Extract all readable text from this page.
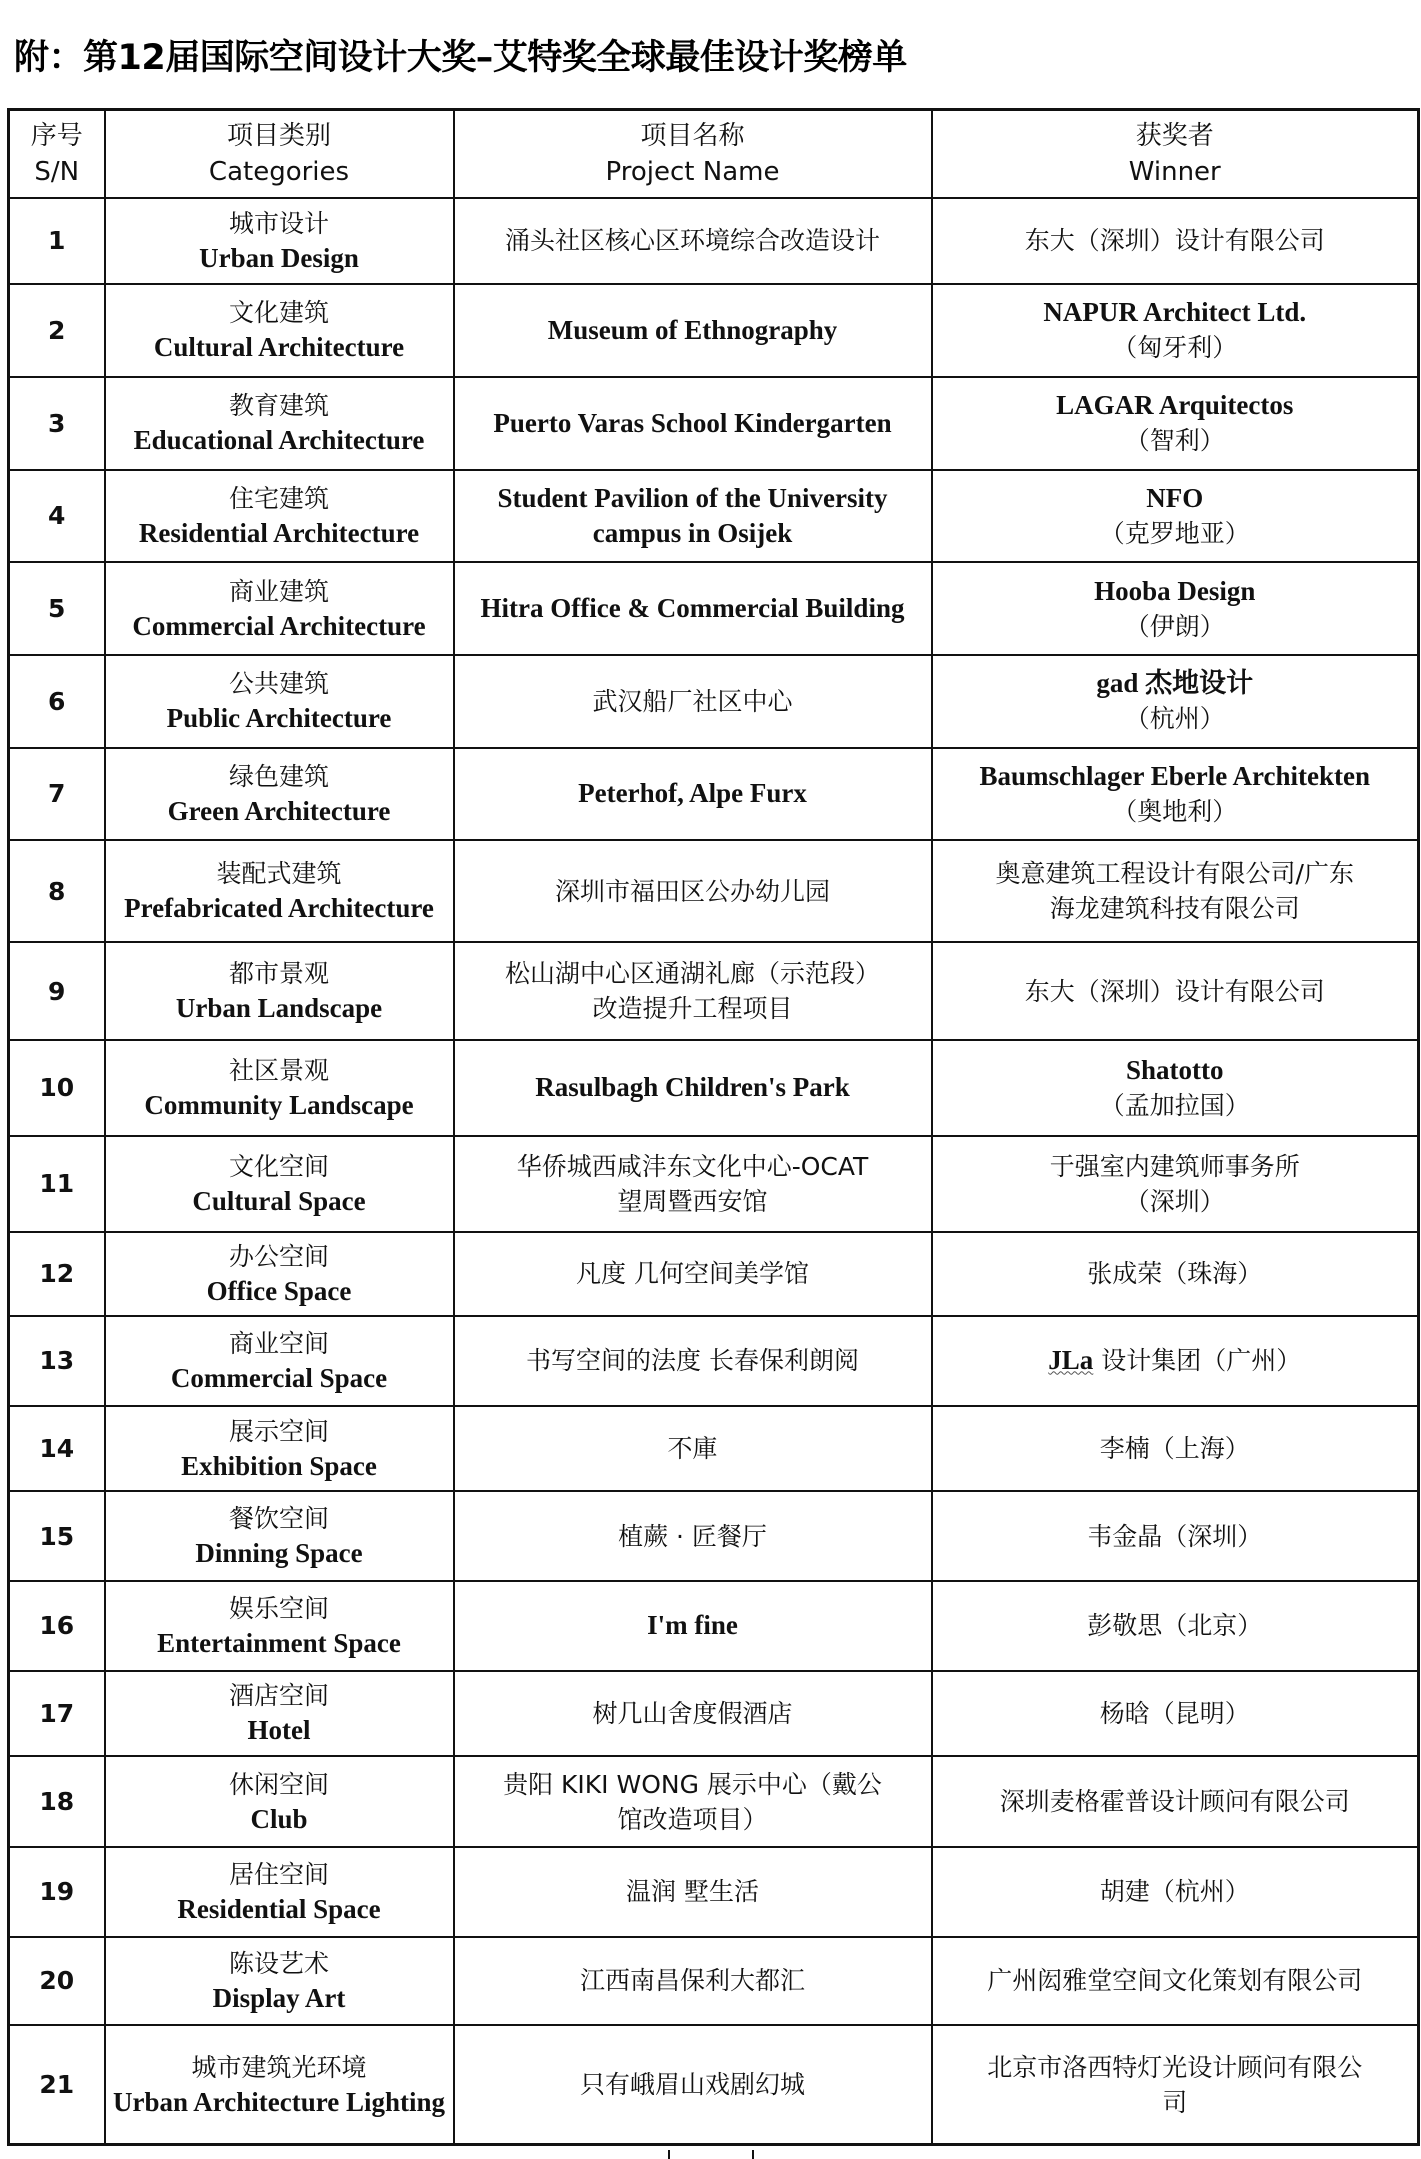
附：第12届国际空间设计大奖–艾特奖全球最佳设计奖榜单
序号
S/N	项目类别
Categories	项目名称
Project Name	获奖者
Winner

1	城市设计
Urban Design	涌头社区核心区环境综合改造设计	东大（深圳）设计有限公司

2	文化建筑
Cultural Architecture	Museum of Ethnography	NAPUR Architect Ltd.
（匈牙利）

3	教育建筑
Educational Architecture	Puerto Varas School Kindergarten	LAGAR Arquitectos
（智利）

4	住宅建筑
Residential Architecture	Student Pavilion of the University
campus in Osijek	NFO
（克罗地亚）

5	商业建筑
Commercial Architecture	Hitra Office & Commercial Building	Hooba Design
（伊朗）

6	公共建筑
Public Architecture	武汉船厂社区中心	gad 杰地设计
（杭州）

7	绿色建筑
Green Architecture	Peterhof, Alpe Furx	Baumschlager Eberle Architekten
（奥地利）

8	装配式建筑
Prefabricated Architecture	深圳市福田区公办幼儿园	奥意建筑工程设计有限公司/广东
海龙建筑科技有限公司

9	都市景观
Urban Landscape	松山湖中心区通湖礼廊（示范段）
改造提升工程项目	东大（深圳）设计有限公司

10	社区景观
Community Landscape	Rasulbagh Children's Park	Shatotto
（孟加拉国）

11	文化空间
Cultural Space	华侨城西咸沣东文化中心-OCAT
望周暨西安馆	于强室内建筑师事务所
（深圳）

12	办公空间
Office Space	凡度 几何空间美学馆	张成荣（珠海）

13	商业空间
Commercial Space	书写空间的法度 长春保利朗阅	JLa 设计集团（广州）

14	展示空间
Exhibition Space	不庫	李楠（上海）

15	餐饮空间
Dinning Space	植蕨 · 匠餐厅	韦金晶（深圳）

16	娱乐空间
Entertainment Space	I'm fine	彭敬思（北京）

17	酒店空间
Hotel	树几山舍度假酒店	杨晗（昆明）

18	休闲空间
Club	贵阳 KIKI WONG 展示中心（戴公
馆改造项目）	深圳麦格霍普设计顾问有限公司

19	居住空间
Residential Space	温润 墅生活	胡建（杭州）

20	陈设艺术
Display Art	江西南昌保利大都汇	广州闳雅堂空间文化策划有限公司

21	城市建筑光环境
Urban Architecture Lighting	只有峨眉山戏剧幻城	北京市洛西特灯光设计顾问有限公
司
